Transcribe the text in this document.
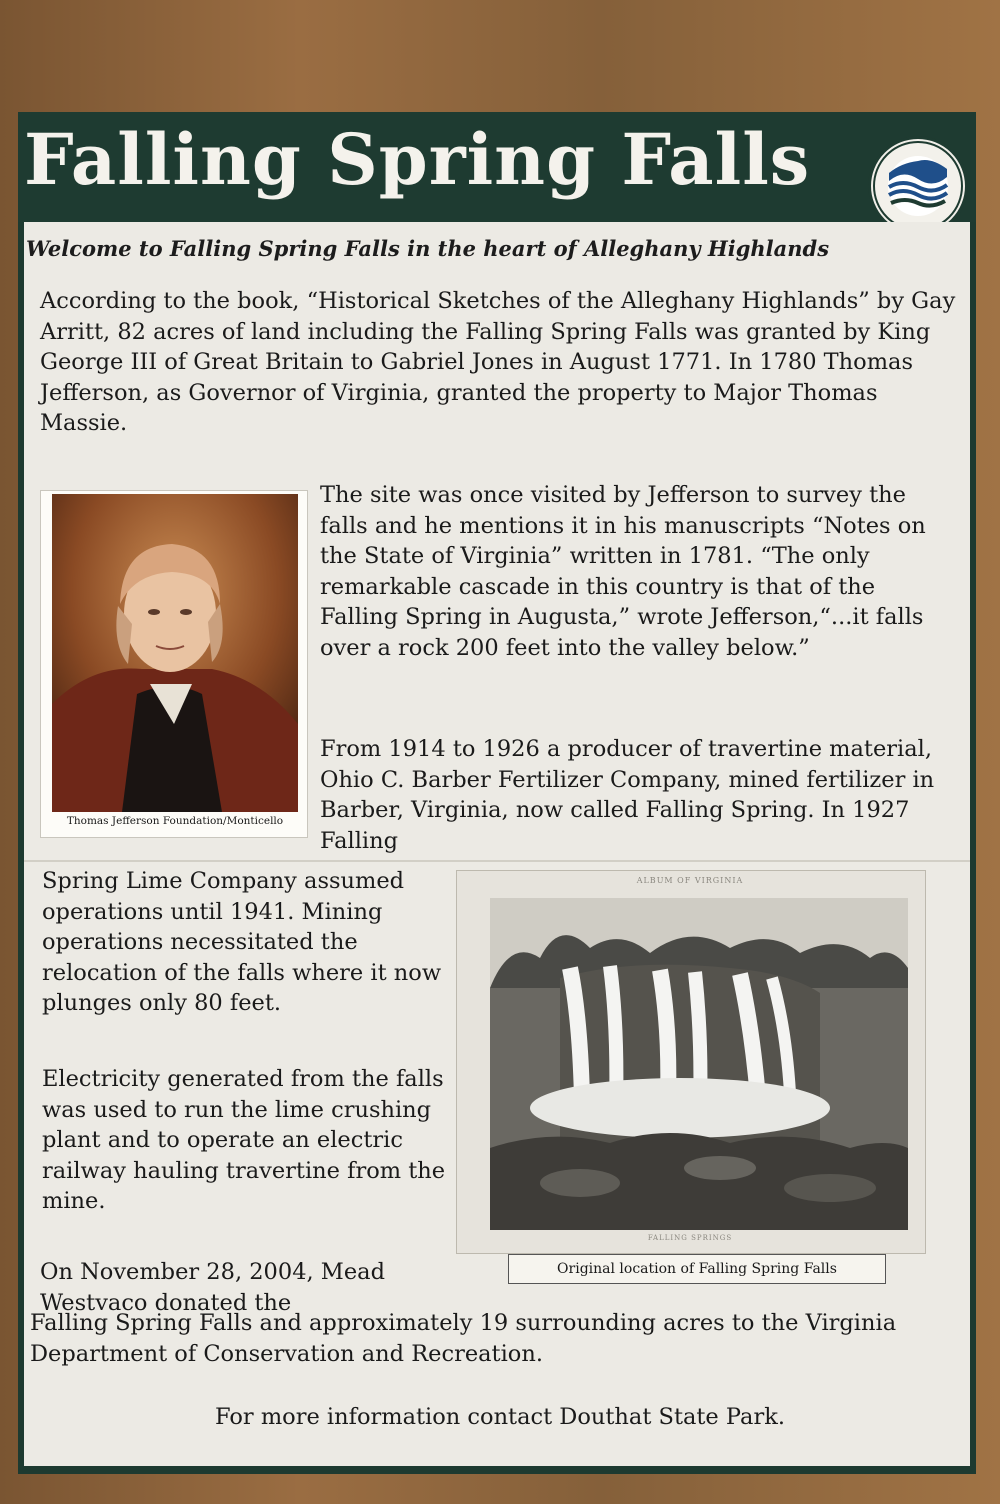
Falling Spring Falls
Welcome to Falling Spring Falls in the heart of Alleghany Highlands

According to the book, “Historical Sketches of the Alleghany Highlands” by Gay Arritt, 82 acres of land including the Falling Spring Falls was granted by King George III of Great Britain to Gabriel Jones in August 1771. In 1780 Thomas Jefferson, as Governor of Virginia, granted the property to Major Thomas Massie.

Thomas Jefferson Foundation/Monticello

The site was once visited by Jefferson to survey the falls and he mentions it in his manuscripts “Notes on the State of Virginia” written in 1781. “The only remarkable cascade in this country is that of the Falling Spring in Augusta,” wrote Jefferson,“...it falls over a rock 200 feet into the valley below.”

From 1914 to 1926 a producer of travertine material, Ohio C. Barber Fertilizer Company, mined fertilizer in Barber, Virginia, now called Falling Spring. In 1927 Falling

Spring Lime Company assumed operations until 1941. Mining operations necessitated the relocation of the falls where it now plunges only 80 feet.

Electricity generated from the falls was used to run the lime crushing plant and to operate an electric railway hauling travertine from the mine.

On November 28, 2004, Mead Westvaco donated the

Falling Spring Falls and approximately 19 surrounding acres to the Virginia Department of Conservation and Recreation.

ALBUM OF VIRGINIA
FALLING SPRINGS
Original location of Falling Spring Falls
For more information contact Douthat State Park.
